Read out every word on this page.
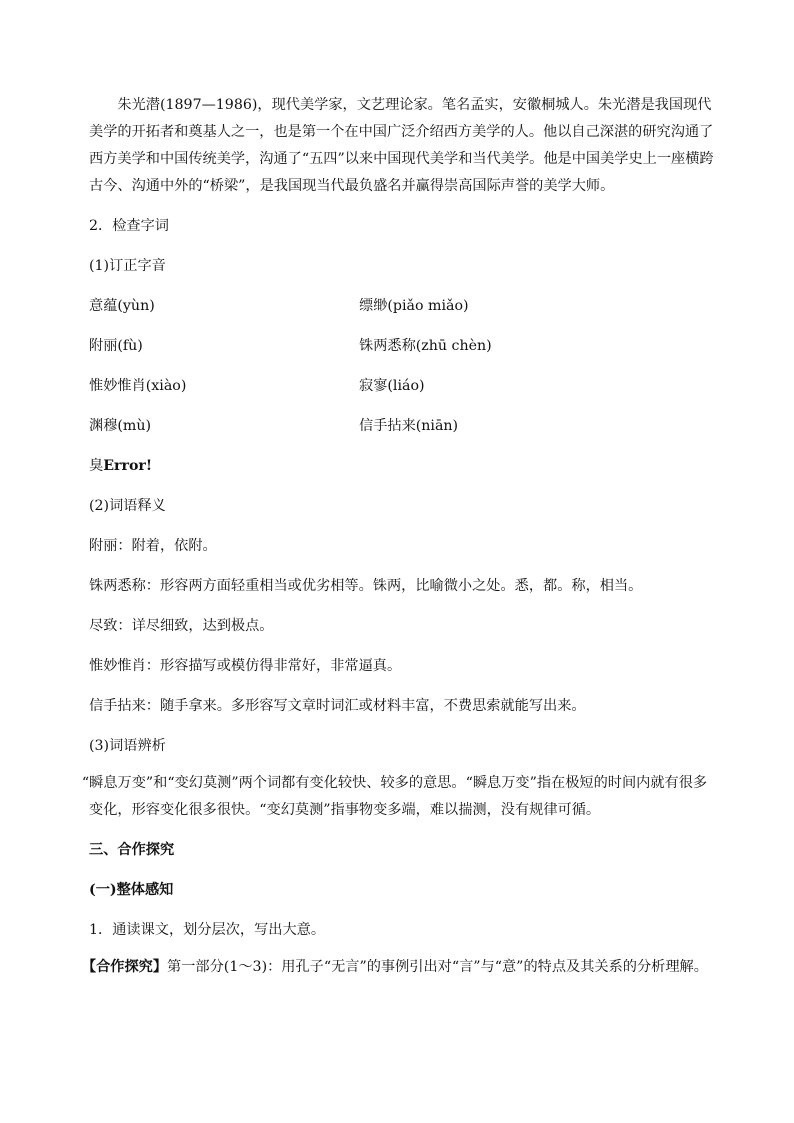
朱光潜(1897—1986)，现代美学家，文艺理论家。笔名孟实，安徽桐城人。朱光潜是我国现代美学的开拓者和奠基人之一，也是第一个在中国广泛介绍西方美学的人。他以自己深湛的研究沟通了西方美学和中国传统美学，沟通了“五四”以来中国现代美学和当代美学。他是中国美学史上一座横跨古今、沟通中外的“桥梁”，是我国现当代最负盛名并赢得崇高国际声誉的美学大师。

2．检查字词

(1)订正字音

意蕴(yùn)	缥缈(piǎo miǎo)
附丽(fù)	铢两悉称(zhū chèn)
惟妙惟肖(xiào)	寂寥(liáo)
渊穆(mù)	信手拈来(niān)

臭Error!

(2)词语释义

附丽：附着，依附。

铢两悉称：形容两方面轻重相当或优劣相等。铢两，比喻微小之处。悉，都。称，相当。

尽致：详尽细致，达到极点。

惟妙惟肖：形容描写或模仿得非常好，非常逼真。

信手拈来：随手拿来。多形容写文章时词汇或材料丰富，不费思索就能写出来。

(3)词语辨析

“瞬息万变”和“变幻莫测”两个词都有变化较快、较多的意思。“瞬息万变”指在极短的时间内就有很多变化，形容变化很多很快。“变幻莫测”指事物变多端，难以揣测，没有规律可循。

三、合作探究

(一)整体感知

1．通读课文，划分层次，写出大意。

【合作探究】第一部分(1～3)：用孔子“无言”的事例引出对“言”与“意”的特点及其关系的分析理解。
